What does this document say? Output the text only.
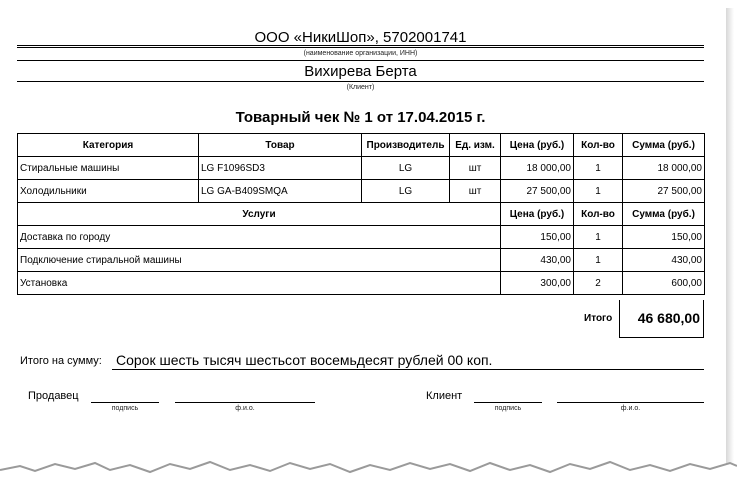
ООО «НикиШоп», 5702001741
(наименование организации, ИНН)
Вихирева Берта
(Клиент)
Товарный чек № 1 от 17.04.2015 г.
Категория	Товар	Производитель	Ед. изм.	Цена (руб.)	Кол-во	Сумма (руб.)
Стиральные машины	LG F1096SD3	LG	шт	18 000,00	1	18 000,00
Холодильники	LG GA-B409SMQA	LG	шт	27 500,00	1	27 500,00
Услуги				Цена (руб.)	Кол-во	Сумма (руб.)
Доставка по городу				150,00	1	150,00
Подключение стиральной машины				430,00	1	430,00
Установка				300,00	2	600,00
Итого	46 680,00
Итого на сумму: Сорок шесть тысяч шестьсот восемьдесят рублей 00 коп.
Продавец
подпись	ф.и.о.
Клиент
подпись	ф.и.о.
